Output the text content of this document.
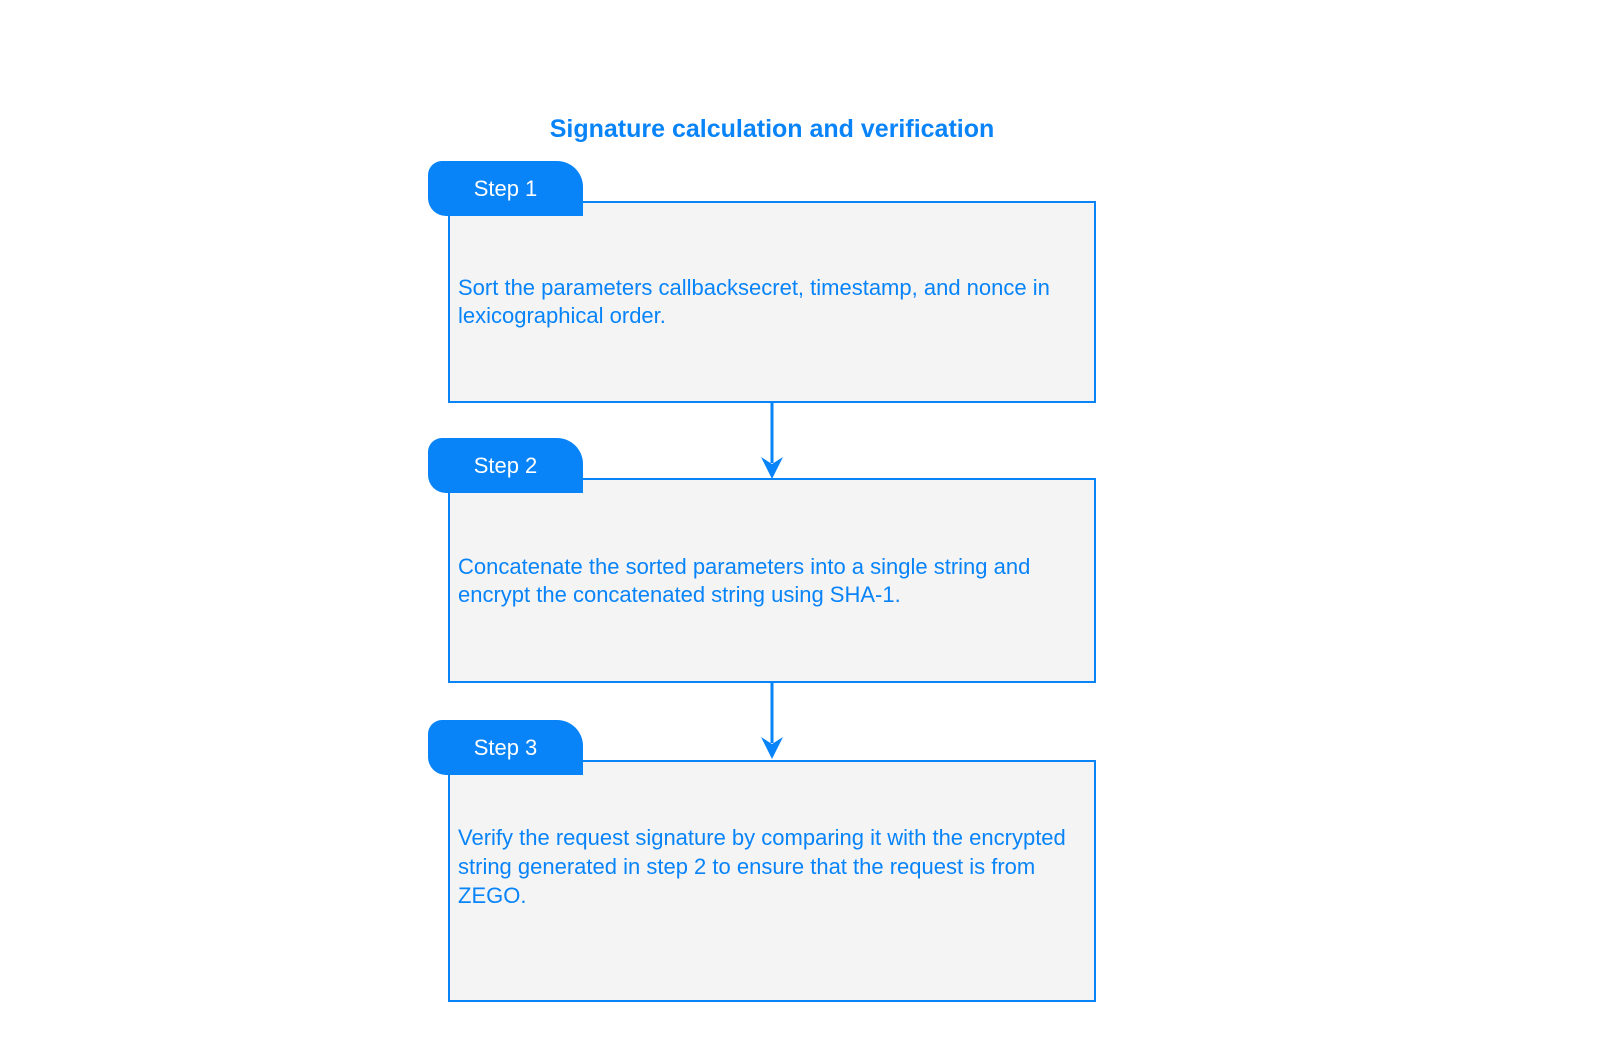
Signature calculation and verification

Sort the parameters callbacksecret, timestamp, and nonce in lexicographical order.

Step 1

Concatenate the sorted parameters into a single string and encrypt the concatenated string using SHA-1.

Step 2

Verify the request signature by comparing it with the encrypted string generated in step 2 to ensure that the request is from ZEGO.

Step 3
